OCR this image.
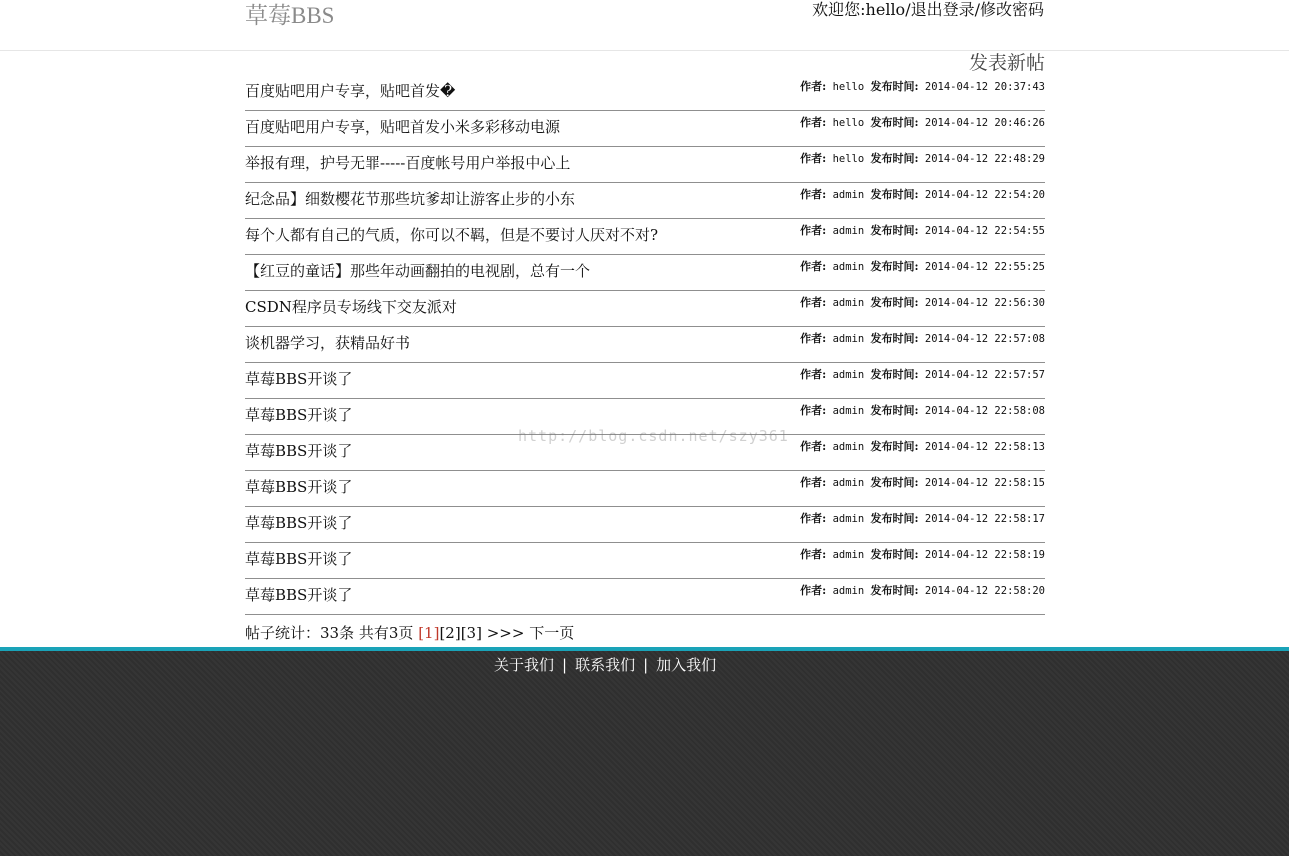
草莓BBS	欢迎您:hello/退出登录/修改密码
发表新帖
百度贴吧用户专享，贴吧首发�	作者: hello 发布时间: 2014-04-12 20:37:43
百度贴吧用户专享，贴吧首发小米多彩移动电源	作者: hello 发布时间: 2014-04-12 20:46:26
举报有理，护号无罪-----百度帐号用户举报中心上	作者: hello 发布时间: 2014-04-12 22:48:29
纪念品】细数樱花节那些坑爹却让游客止步的小东	作者: admin 发布时间: 2014-04-12 22:54:20
每个人都有自己的气质，你可以不羁，但是不要讨人厌对不对?	作者: admin 发布时间: 2014-04-12 22:54:55
【红豆的童话】那些年动画翻拍的电视剧，总有一个	作者: admin 发布时间: 2014-04-12 22:55:25
CSDN程序员专场线下交友派对	作者: admin 发布时间: 2014-04-12 22:56:30
谈机器学习，获精品好书	作者: admin 发布时间: 2014-04-12 22:57:08
草莓BBS开谈了	作者: admin 发布时间: 2014-04-12 22:57:57
草莓BBS开谈了	作者: admin 发布时间: 2014-04-12 22:58:08
草莓BBS开谈了	作者: admin 发布时间: 2014-04-12 22:58:13
草莓BBS开谈了	作者: admin 发布时间: 2014-04-12 22:58:15
草莓BBS开谈了	作者: admin 发布时间: 2014-04-12 22:58:17
草莓BBS开谈了	作者: admin 发布时间: 2014-04-12 22:58:19
草莓BBS开谈了	作者: admin 发布时间: 2014-04-12 22:58:20
帖子统计：33条 共有3页 [1][2][3] >>> 下一页
http://blog.csdn.net/szy361
关于我们 | 联系我们 | 加入我们
